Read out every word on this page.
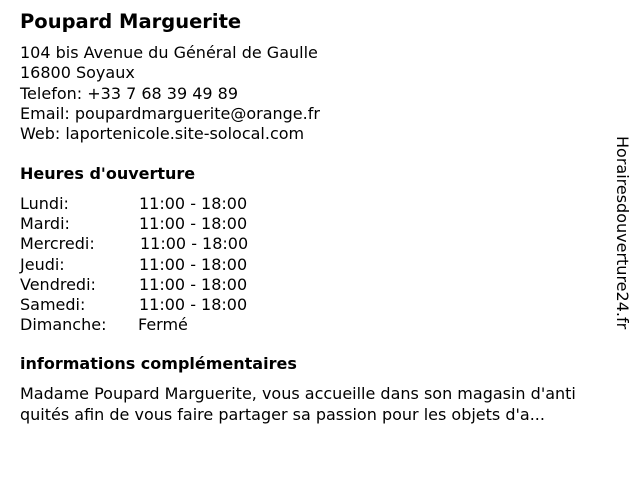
Poupard Marguerite
104 bis Avenue du Général de Gaulle
16800 Soyaux
Telefon: +33 7 68 39 49 89
Email: poupardmarguerite@orange.fr
Web: laportenicole.site-solocal.com
Heures d'ouverture
Lundi:	11:00 - 18:00
Mardi:	11:00 - 18:00
Mercredi:	11:00 - 18:00
Jeudi:	11:00 - 18:00
Vendredi:	11:00 - 18:00
Samedi:	11:00 - 18:00
Dimanche: Fermé
informations complémentaires
Madame Poupard Marguerite, vous accueille dans son magasin d'anti
quités afin de vous faire partager sa passion pour les objets d'a...
Horairesdouverture24.fr
